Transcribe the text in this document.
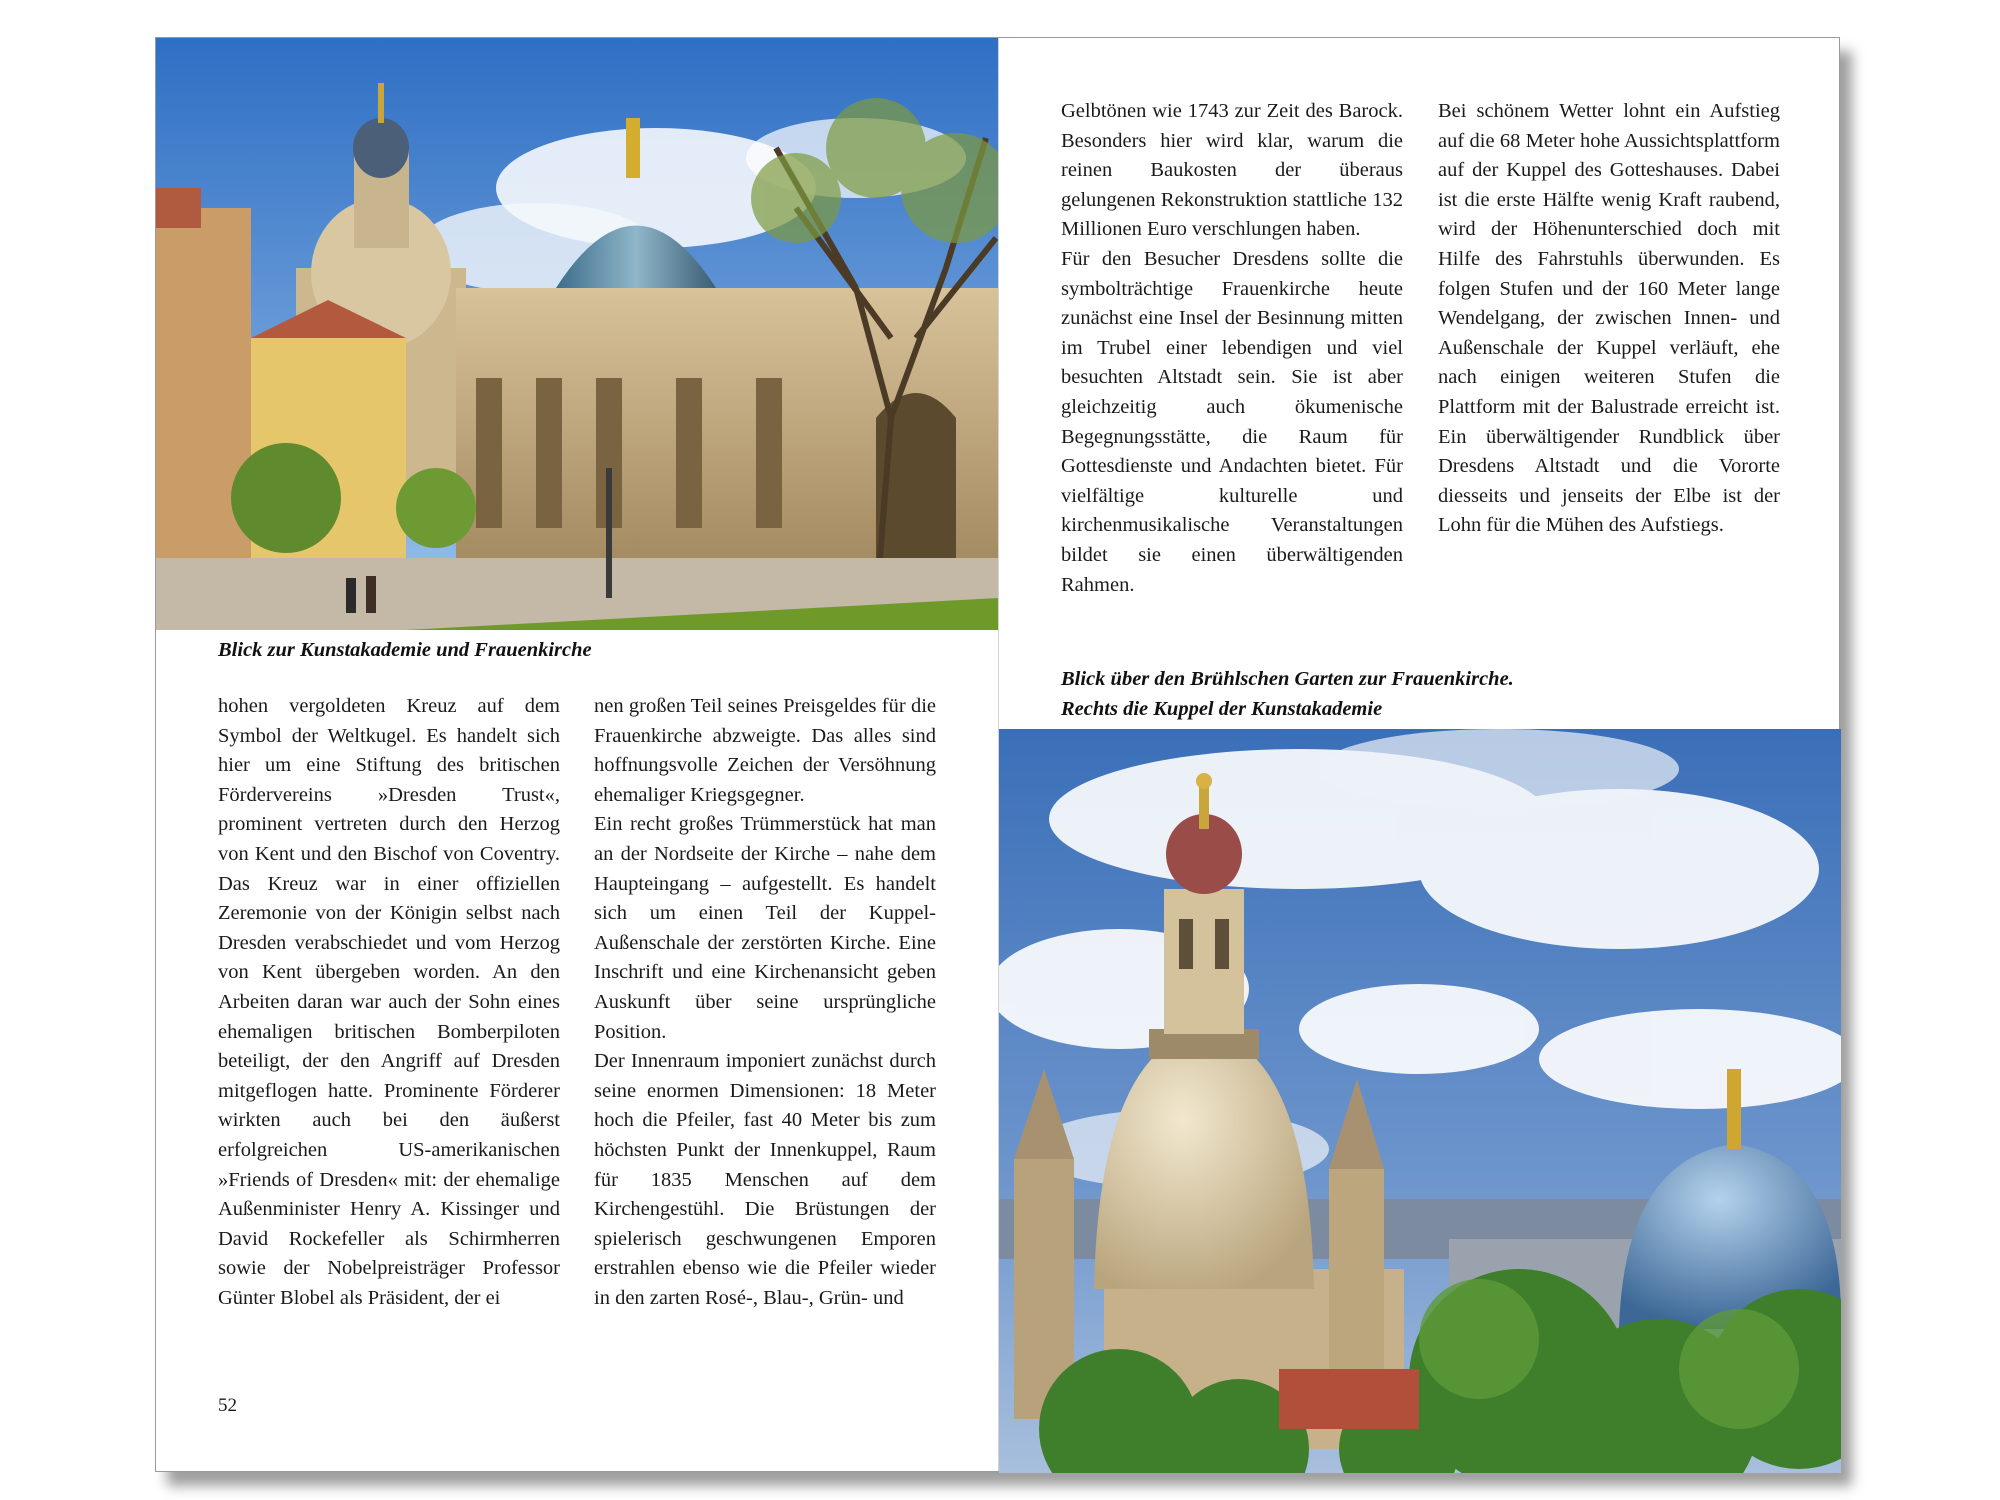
Blick zur Kunstakademie und Frauenkirche

hohen vergoldeten Kreuz auf dem Symbol der Weltkugel. Es handelt sich hier um eine Stiftung des britischen Fördervereins »Dresden Trust«, prominent vertreten durch den Herzog von Kent und den Bischof von Coventry. Das Kreuz war in einer offiziellen Zeremonie von der Königin selbst nach Dresden verabschiedet und vom Herzog von Kent übergeben worden. An den Arbeiten daran war auch der Sohn eines ehemaligen britischen Bomberpiloten beteiligt, der den Angriff auf Dresden mitgeflogen hatte. Prominente Förderer wirkten auch bei den äußerst erfolgreichen US-amerikanischen »Friends of Dresden« mit: der ehemalige Außenminister Henry A. Kissinger und David Rockefeller als Schirmherren sowie der Nobelpreisträger Professor Günter Blobel als Präsident, der ei

nen großen Teil seines Preisgeldes für die Frauenkirche abzweigte. Das alles sind hoffnungsvolle Zeichen der Versöhnung ehemaliger Kriegsgegner.

Ein recht großes Trümmerstück hat man an der Nordseite der Kirche – nahe dem Haupteingang – aufgestellt. Es handelt sich um einen Teil der Kuppel-Außenschale der zerstörten Kirche. Eine Inschrift und eine Kirchenansicht geben Auskunft über seine ursprüngliche Position.

Der Innenraum imponiert zunächst durch seine enormen Dimensionen: 18 Meter hoch die Pfeiler, fast 40 Meter bis zum höchsten Punkt der Innenkuppel, Raum für 1835 Menschen auf dem Kirchengestühl. Die Brüstungen der spielerisch geschwungenen Emporen erstrahlen ebenso wie die Pfeiler wieder in den zarten Rosé-, Blau-, Grün- und

Gelbtönen wie 1743 zur Zeit des Barock. Besonders hier wird klar, warum die reinen Baukosten der überaus gelungenen Rekonstruktion stattliche 132 Millionen Euro verschlungen haben.

Für den Besucher Dresdens sollte die symbolträchtige Frauenkirche heute zunächst eine Insel der Besinnung mitten im Trubel einer lebendigen und viel besuchten Altstadt sein. Sie ist aber gleichzeitig auch ökumenische Begegnungsstätte, die Raum für Gottesdienste und Andachten bietet. Für vielfältige kulturelle und kirchenmusikalische Veranstaltungen bildet sie einen überwältigenden Rahmen.

Bei schönem Wetter lohnt ein Aufstieg auf die 68 Meter hohe Aussichtsplattform auf der Kuppel des Gotteshauses. Dabei ist die erste Hälfte wenig Kraft raubend, wird der Höhenunterschied doch mit Hilfe des Fahrstuhls überwunden. Es folgen Stufen und der 160 Meter lange Wendelgang, der zwischen Innen- und Außenschale der Kuppel verläuft, ehe nach einigen weiteren Stufen die Plattform mit der Balustrade erreicht ist. Ein überwältigender Rundblick über Dresdens Altstadt und die Vororte diesseits und jenseits der Elbe ist der Lohn für die Mühen des Aufstiegs.

Blick über den Brühlschen Garten zur Frauenkirche.
Rechts die Kuppel der Kunstakademie
52
